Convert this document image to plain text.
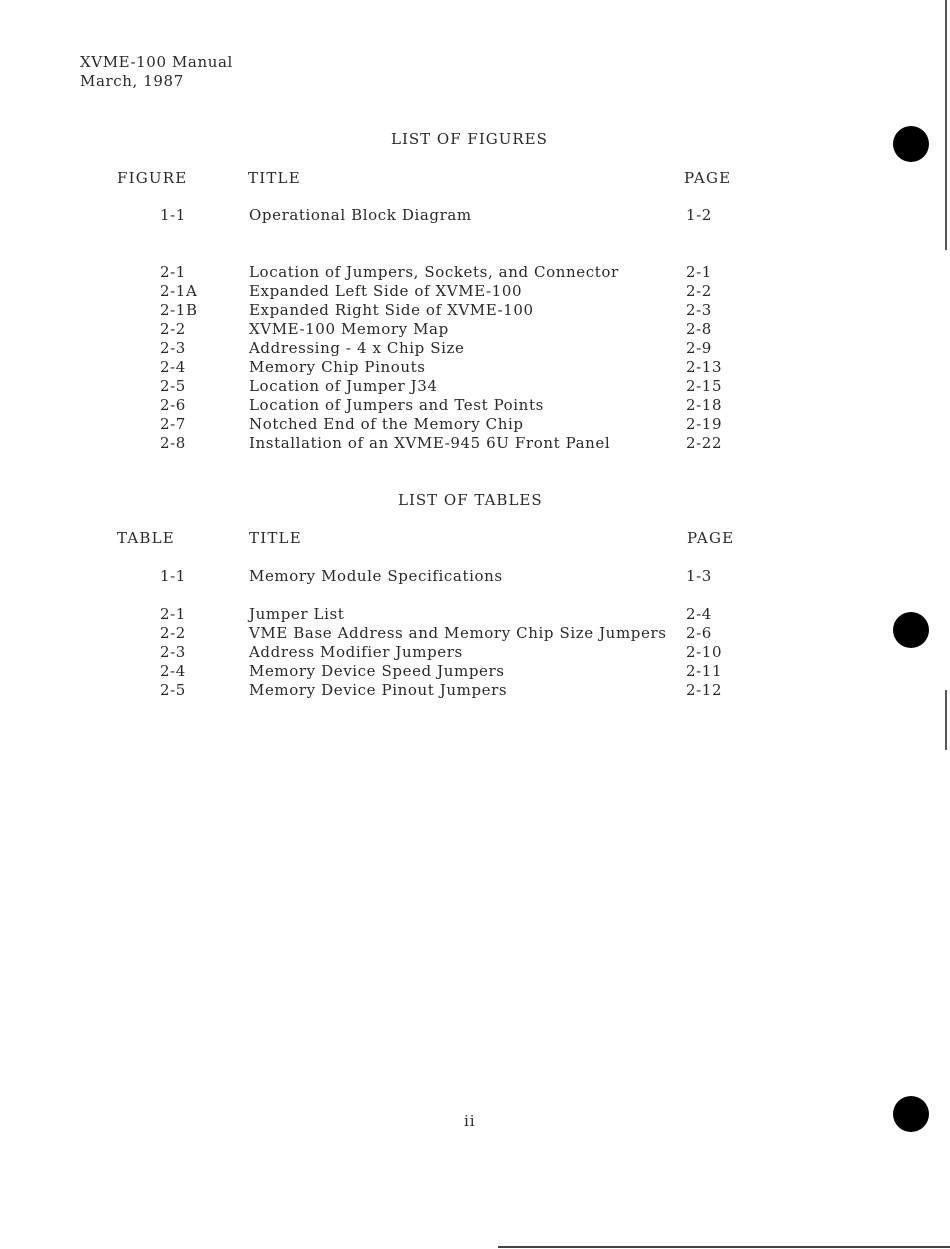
XVME-100 Manual
March, 1987
LIST OF FIGURES
FIGURE	TITLE	PAGE
1-1	Operational Block Diagram	1-2
2-1	Location of Jumpers, Sockets, and Connector	2-1
2-1A	Expanded Left Side of XVME-100	2-2
2-1B	Expanded Right Side of XVME-100	2-3
2-2	XVME-100 Memory Map	2-8
2-3	Addressing - 4 x Chip Size	2-9
2-4	Memory Chip Pinouts	2-13
2-5	Location of Jumper J34	2-15
2-6	Location of Jumpers and Test Points	2-18
2-7	Notched End of the Memory Chip	2-19
2-8	Installation of an XVME-945 6U Front Panel	2-22
LIST OF TABLES
TABLE	TITLE	PAGE
1-1	Memory Module Specifications	1-3
2-1	Jumper List	2-4
2-2	VME Base Address and Memory Chip Size Jumpers 2-6
2-3	Address Modifier Jumpers	2-10
2-4	Memory Device Speed Jumpers	2-11
2-5	Memory Device Pinout Jumpers	2-12
ii
